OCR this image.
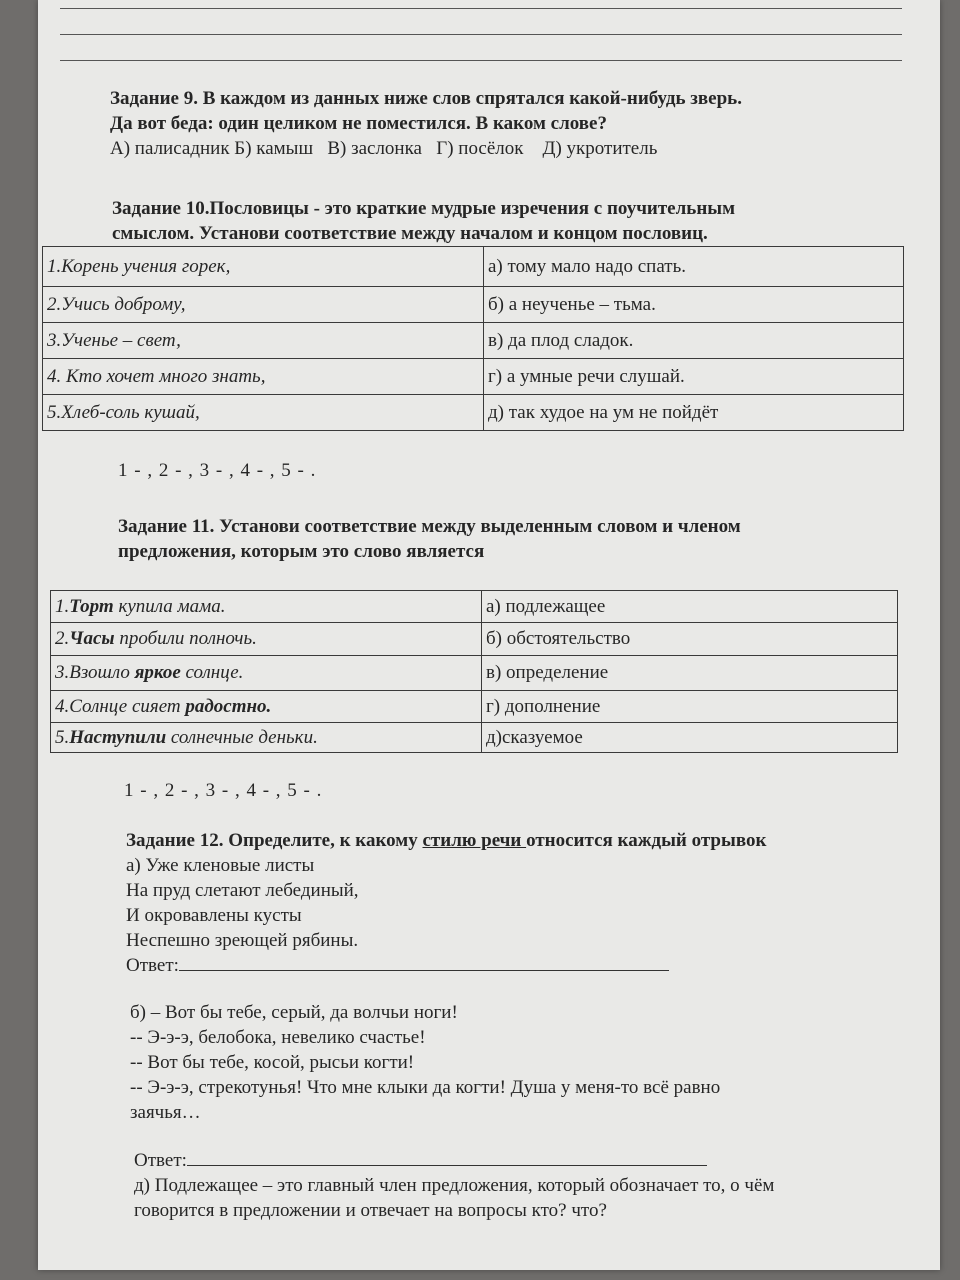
Задание 9. В каждом из данных ниже слов спрятался какой-нибудь зверь.
Да вот беда: один целиком не поместился. В каком слове?
А) палисадник Б) камыш   В) заслонка   Г) посёлок    Д) укротитель
Задание 10.Пословицы - это краткие мудрые изречения с поучительным
смыслом. Установи соответствие между началом и концом пословиц.
1.Корень учения горек,	а) тому мало надо спать.
2.Учись доброму,	б) а неученье – тьма.
3.Ученье – свет,	в) да плод сладок.
4. Кто хочет много знать,	г) а умные речи слушай.
5.Хлеб-соль кушай,	д) так худое на ум не пойдёт
1 - , 2 - , 3 - , 4 - , 5 - .
Задание 11. Установи соответствие между выделенным словом и членом
предложения, которым это слово является
1.Торт купила мама.	а) подлежащее
2.Часы пробили полночь.	б) обстоятельство
3.Взошло яркое солнце.	в) определение
4.Солнце сияет радостно.	г) дополнение
5.Наступили солнечные деньки.	д)сказуемое
1 - , 2 - , 3 - , 4 - , 5 - .
Задание 12. Определите, к какому стилю речи относится каждый отрывок
а) Уже кленовые листы
На пруд слетают лебединый,
И окровавлены кусты
Неспешно зреющей рябины.
Ответ:
б) – Вот бы тебе, серый, да волчьи ноги!
-- Э-э-э, белобока, невелико счастье!
-- Вот бы тебе, косой, рысьи когти!
-- Э-э-э, стрекотунья! Что мне клыки да когти! Душа у меня-то всё равно
заячья…
Ответ:
д) Подлежащее – это главный член предложения, который обозначает то, о чём
говорится в предложении и отвечает на вопросы кто? что?
